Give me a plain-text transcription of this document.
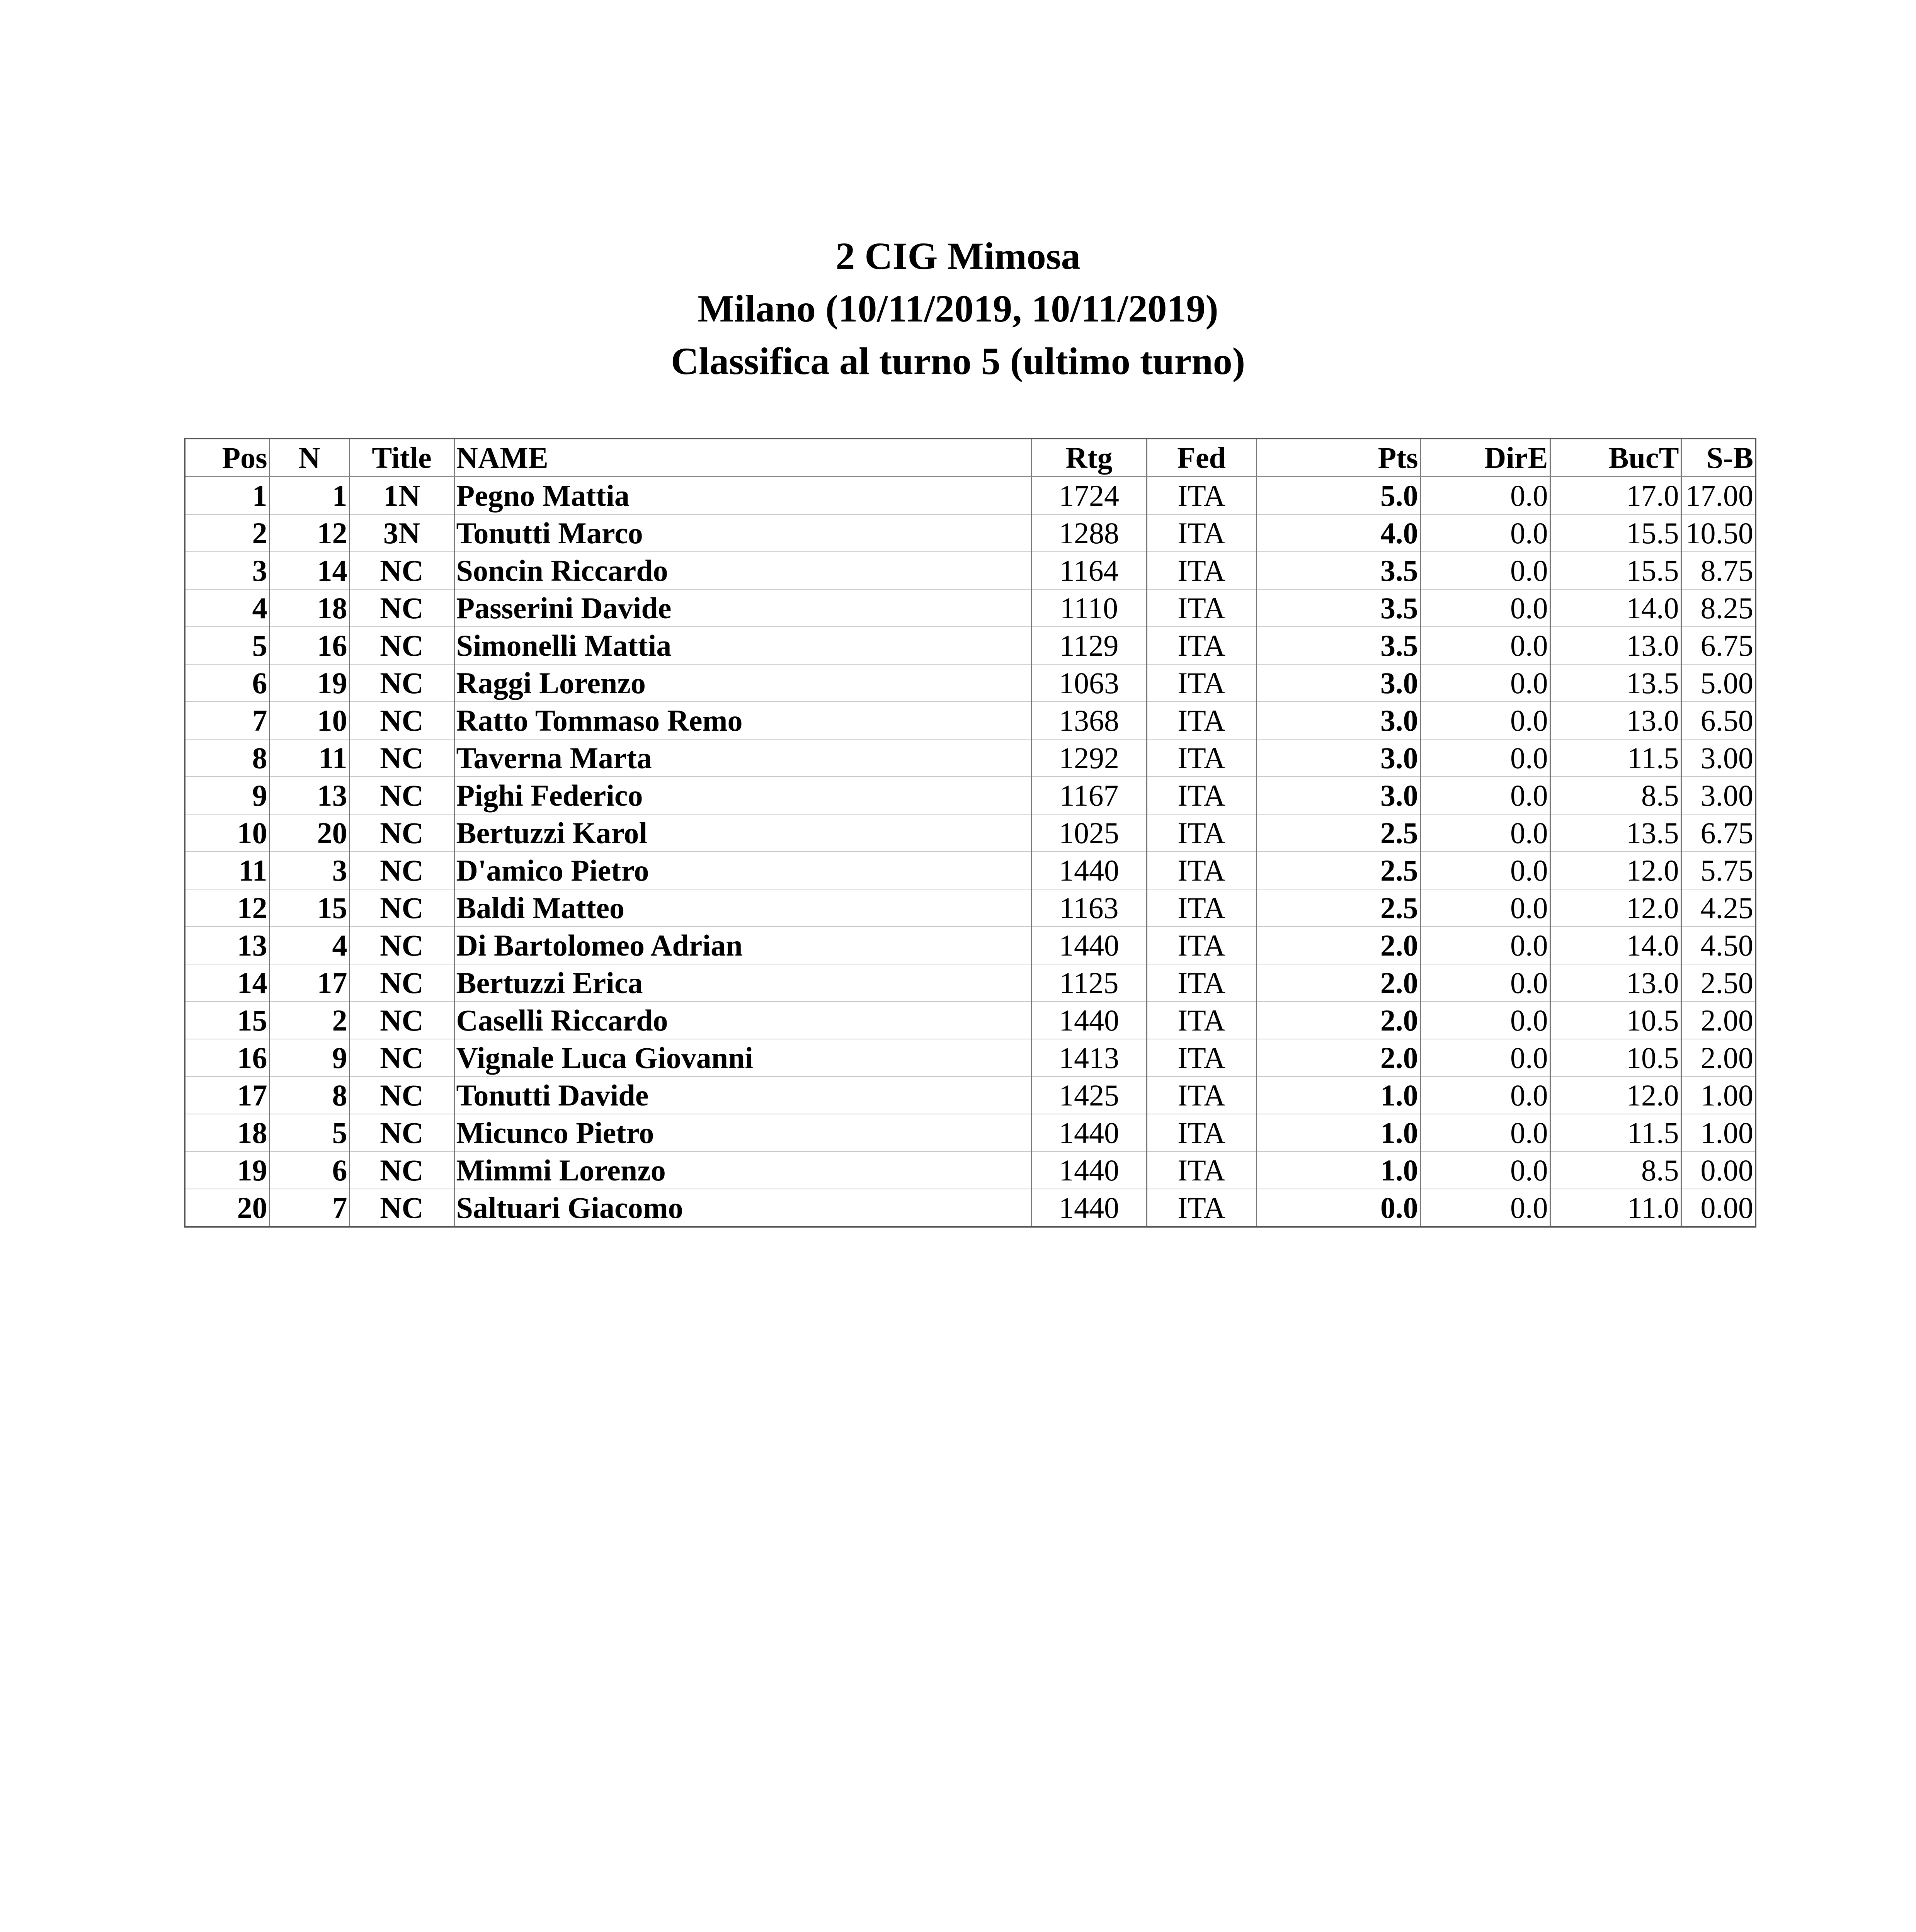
2 CIG Mimosa
Milano (10/11/2019, 10/11/2019)
Classifica al turno 5 (ultimo turno)
Pos	N	Title	NAME	Rtg	Fed	Pts	DirE	BucT	S-B
1	1	1N	Pegno Mattia	1724	ITA	5.0	0.0	17.0	17.00
2	12	3N	Tonutti Marco	1288	ITA	4.0	0.0	15.5	10.50
3	14	NC	Soncin Riccardo	1164	ITA	3.5	0.0	15.5	8.75
4	18	NC	Passerini Davide	1110	ITA	3.5	0.0	14.0	8.25
5	16	NC	Simonelli Mattia	1129	ITA	3.5	0.0	13.0	6.75
6	19	NC	Raggi Lorenzo	1063	ITA	3.0	0.0	13.5	5.00
7	10	NC	Ratto Tommaso Remo	1368	ITA	3.0	0.0	13.0	6.50
8	11	NC	Taverna Marta	1292	ITA	3.0	0.0	11.5	3.00
9	13	NC	Pighi Federico	1167	ITA	3.0	0.0	8.5	3.00
10	20	NC	Bertuzzi Karol	1025	ITA	2.5	0.0	13.5	6.75
11	3	NC	D'amico Pietro	1440	ITA	2.5	0.0	12.0	5.75
12	15	NC	Baldi Matteo	1163	ITA	2.5	0.0	12.0	4.25
13	4	NC	Di Bartolomeo Adrian	1440	ITA	2.0	0.0	14.0	4.50
14	17	NC	Bertuzzi Erica	1125	ITA	2.0	0.0	13.0	2.50
15	2	NC	Caselli Riccardo	1440	ITA	2.0	0.0	10.5	2.00
16	9	NC	Vignale Luca Giovanni	1413	ITA	2.0	0.0	10.5	2.00
17	8	NC	Tonutti Davide	1425	ITA	1.0	0.0	12.0	1.00
18	5	NC	Micunco Pietro	1440	ITA	1.0	0.0	11.5	1.00
19	6	NC	Mimmi Lorenzo	1440	ITA	1.0	0.0	8.5	0.00
20	7	NC	Saltuari Giacomo	1440	ITA	0.0	0.0	11.0	0.00
